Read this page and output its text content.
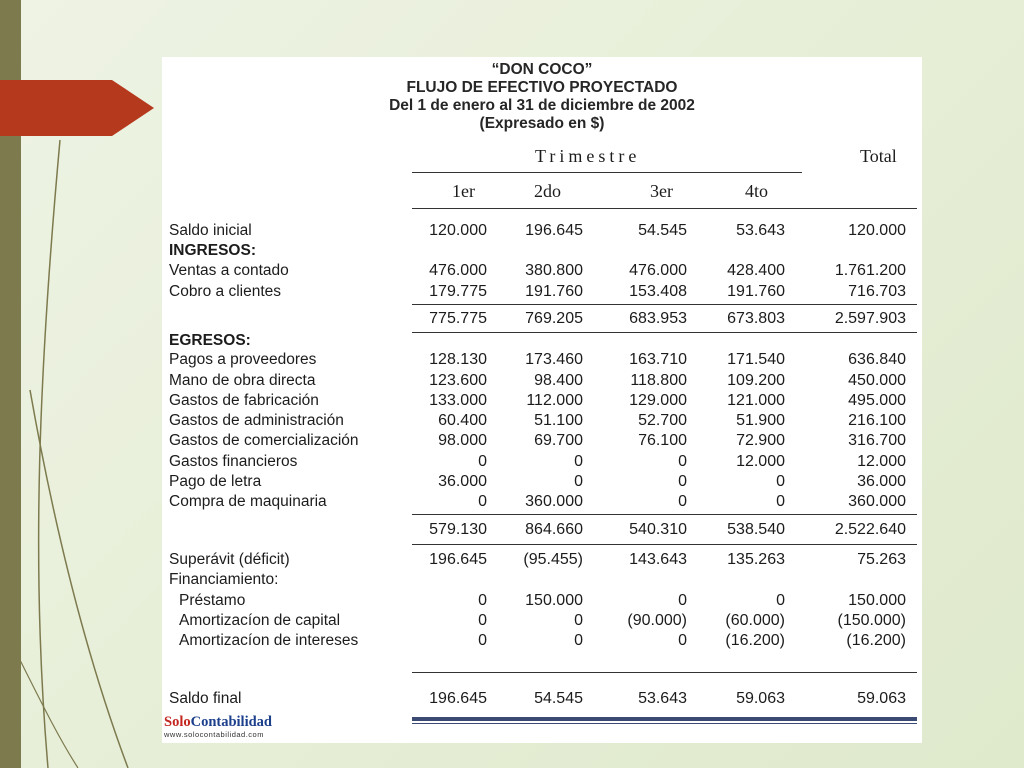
“DON COCO”
FLUJO DE EFECTIVO PROYECTADO
Del 1 de enero al 31 de diciembre de 2002
(Expresado en $)
Trimestre	Total
1er	2do	3er	4to
Saldo inicial	120.000	196.645	54.545	53.643	120.000
INGRESOS:
Ventas a contado	476.000	380.800	476.000	428.400	1.761.200
Cobro a clientes	179.775	191.760	153.408	191.760	716.703
775.775	769.205	683.953	673.803	2.597.903
EGRESOS:
Pagos a proveedores	128.130	173.460	163.710	171.540	636.840
Mano de obra directa	123.600	98.400	118.800	109.200	450.000
Gastos de fabricación	133.000	112.000	129.000	121.000	495.000
Gastos de administración	60.400	51.100	52.700	51.900	216.100
Gastos de comercialización	98.000	69.700	76.100	72.900	316.700
Gastos financieros	0	0	0	12.000	12.000
Pago de letra	36.000	0	0	0	36.000
Compra de maquinaria	0	360.000	0	0	360.000
579.130	864.660	540.310	538.540	2.522.640
Superávit (déficit)	196.645	(95.455)	143.643	135.263	75.263
Financiamiento:
Préstamo	0	150.000	0	0	150.000
Amortizacíon de capital	0	0	(90.000)	(60.000)	(150.000)
Amortizacíon de intereses	0	0	0	(16.200)	(16.200)
Saldo final	196.645	54.545	53.643	59.063	59.063
SoloContabilidad
www.solocontabilidad.com
